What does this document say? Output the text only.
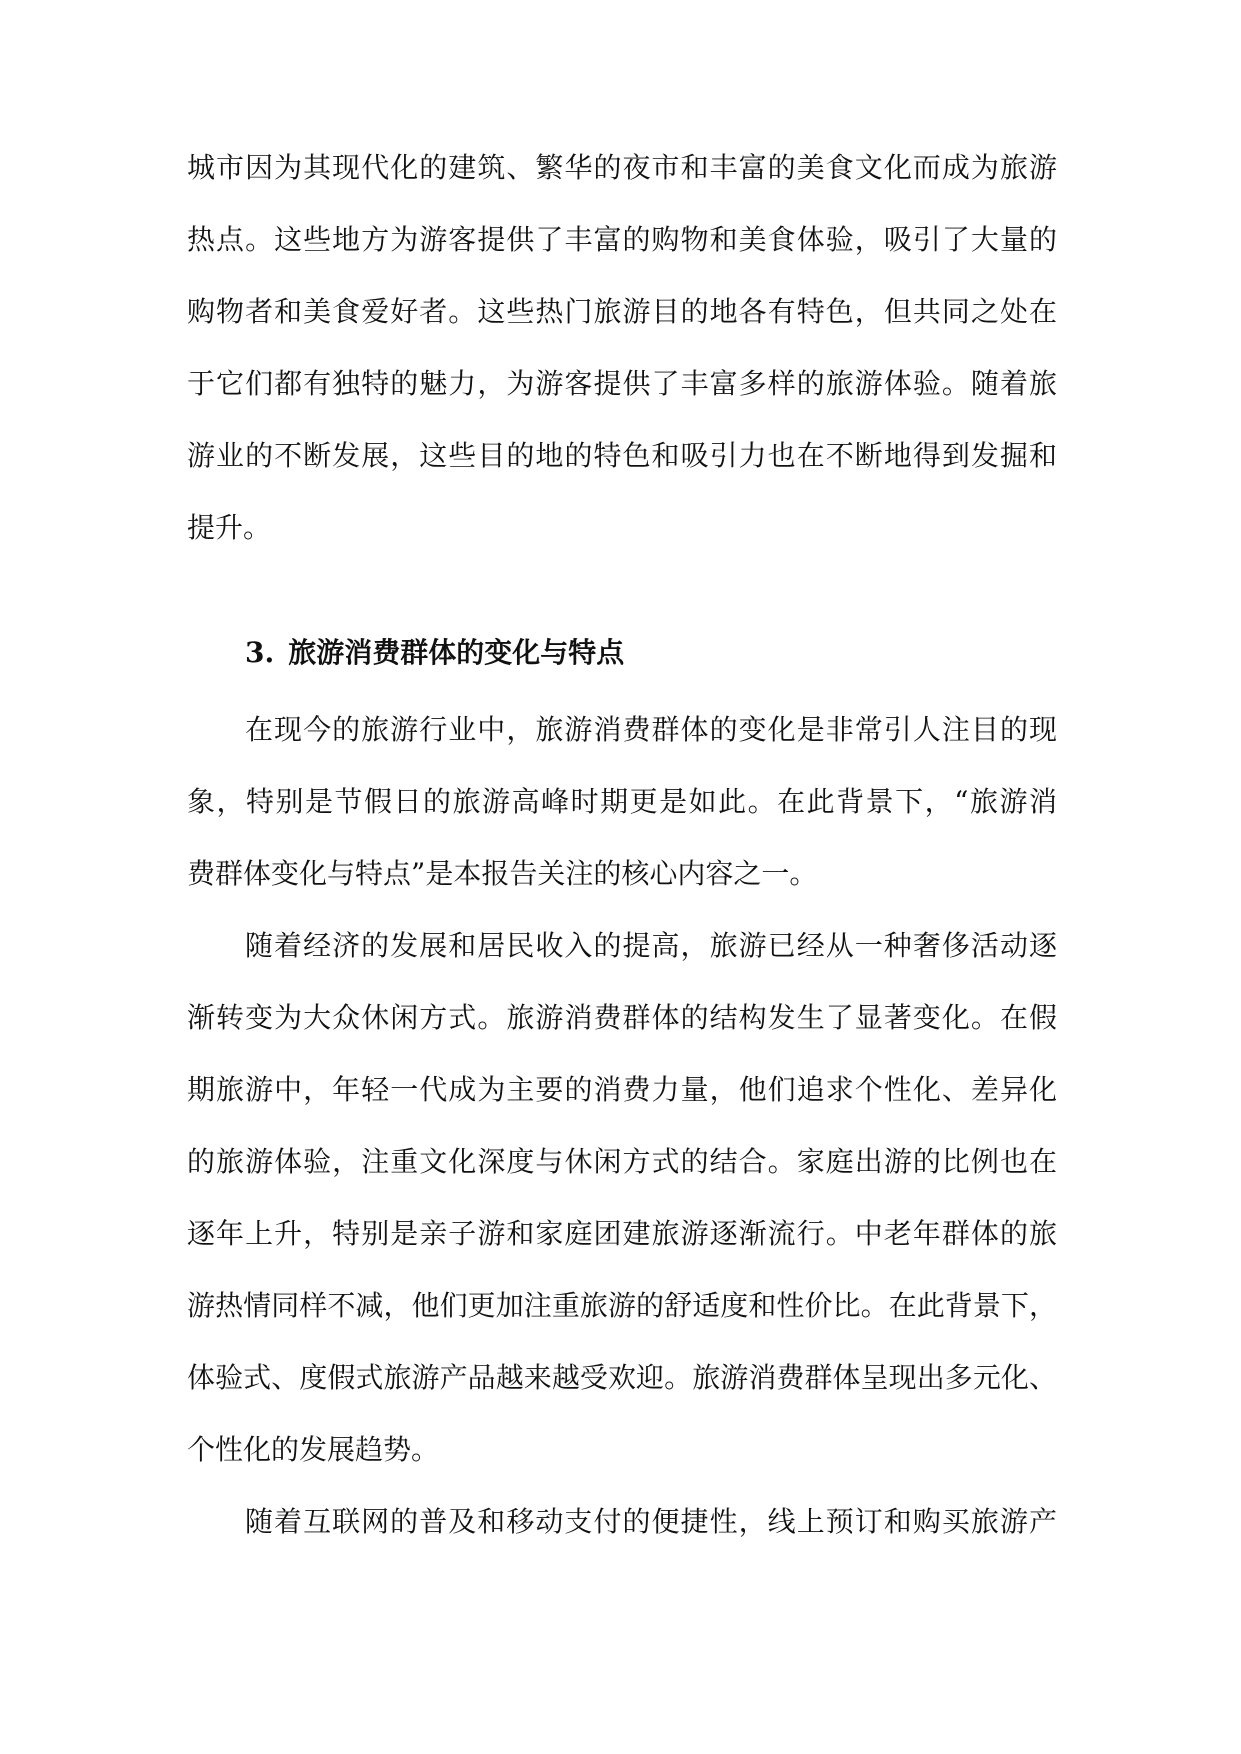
城市因为其现代化的建筑、繁华的夜市和丰富的美食文化而成为旅游
热点。这些地方为游客提供了丰富的购物和美食体验，吸引了大量的
购物者和美食爱好者。这些热门旅游目的地各有特色，但共同之处在
于它们都有独特的魅力，为游客提供了丰富多样的旅游体验。随着旅
游业的不断发展，这些目的地的特色和吸引力也在不断地得到发掘和
提升。
3. 旅游消费群体的变化与特点
在现今的旅游行业中，旅游消费群体的变化是非常引人注目的现
象，特别是节假日的旅游高峰时期更是如此。在此背景下，“旅游消
费群体变化与特点”是本报告关注的核心内容之一。
随着经济的发展和居民收入的提高，旅游已经从一种奢侈活动逐
渐转变为大众休闲方式。旅游消费群体的结构发生了显著变化。在假
期旅游中，年轻一代成为主要的消费力量，他们追求个性化、差异化
的旅游体验，注重文化深度与休闲方式的结合。家庭出游的比例也在
逐年上升，特别是亲子游和家庭团建旅游逐渐流行。中老年群体的旅
游热情同样不减，他们更加注重旅游的舒适度和性价比。在此背景下，
体验式、度假式旅游产品越来越受欢迎。旅游消费群体呈现出多元化、
个性化的发展趋势。
随着互联网的普及和移动支付的便捷性，线上预订和购买旅游产
